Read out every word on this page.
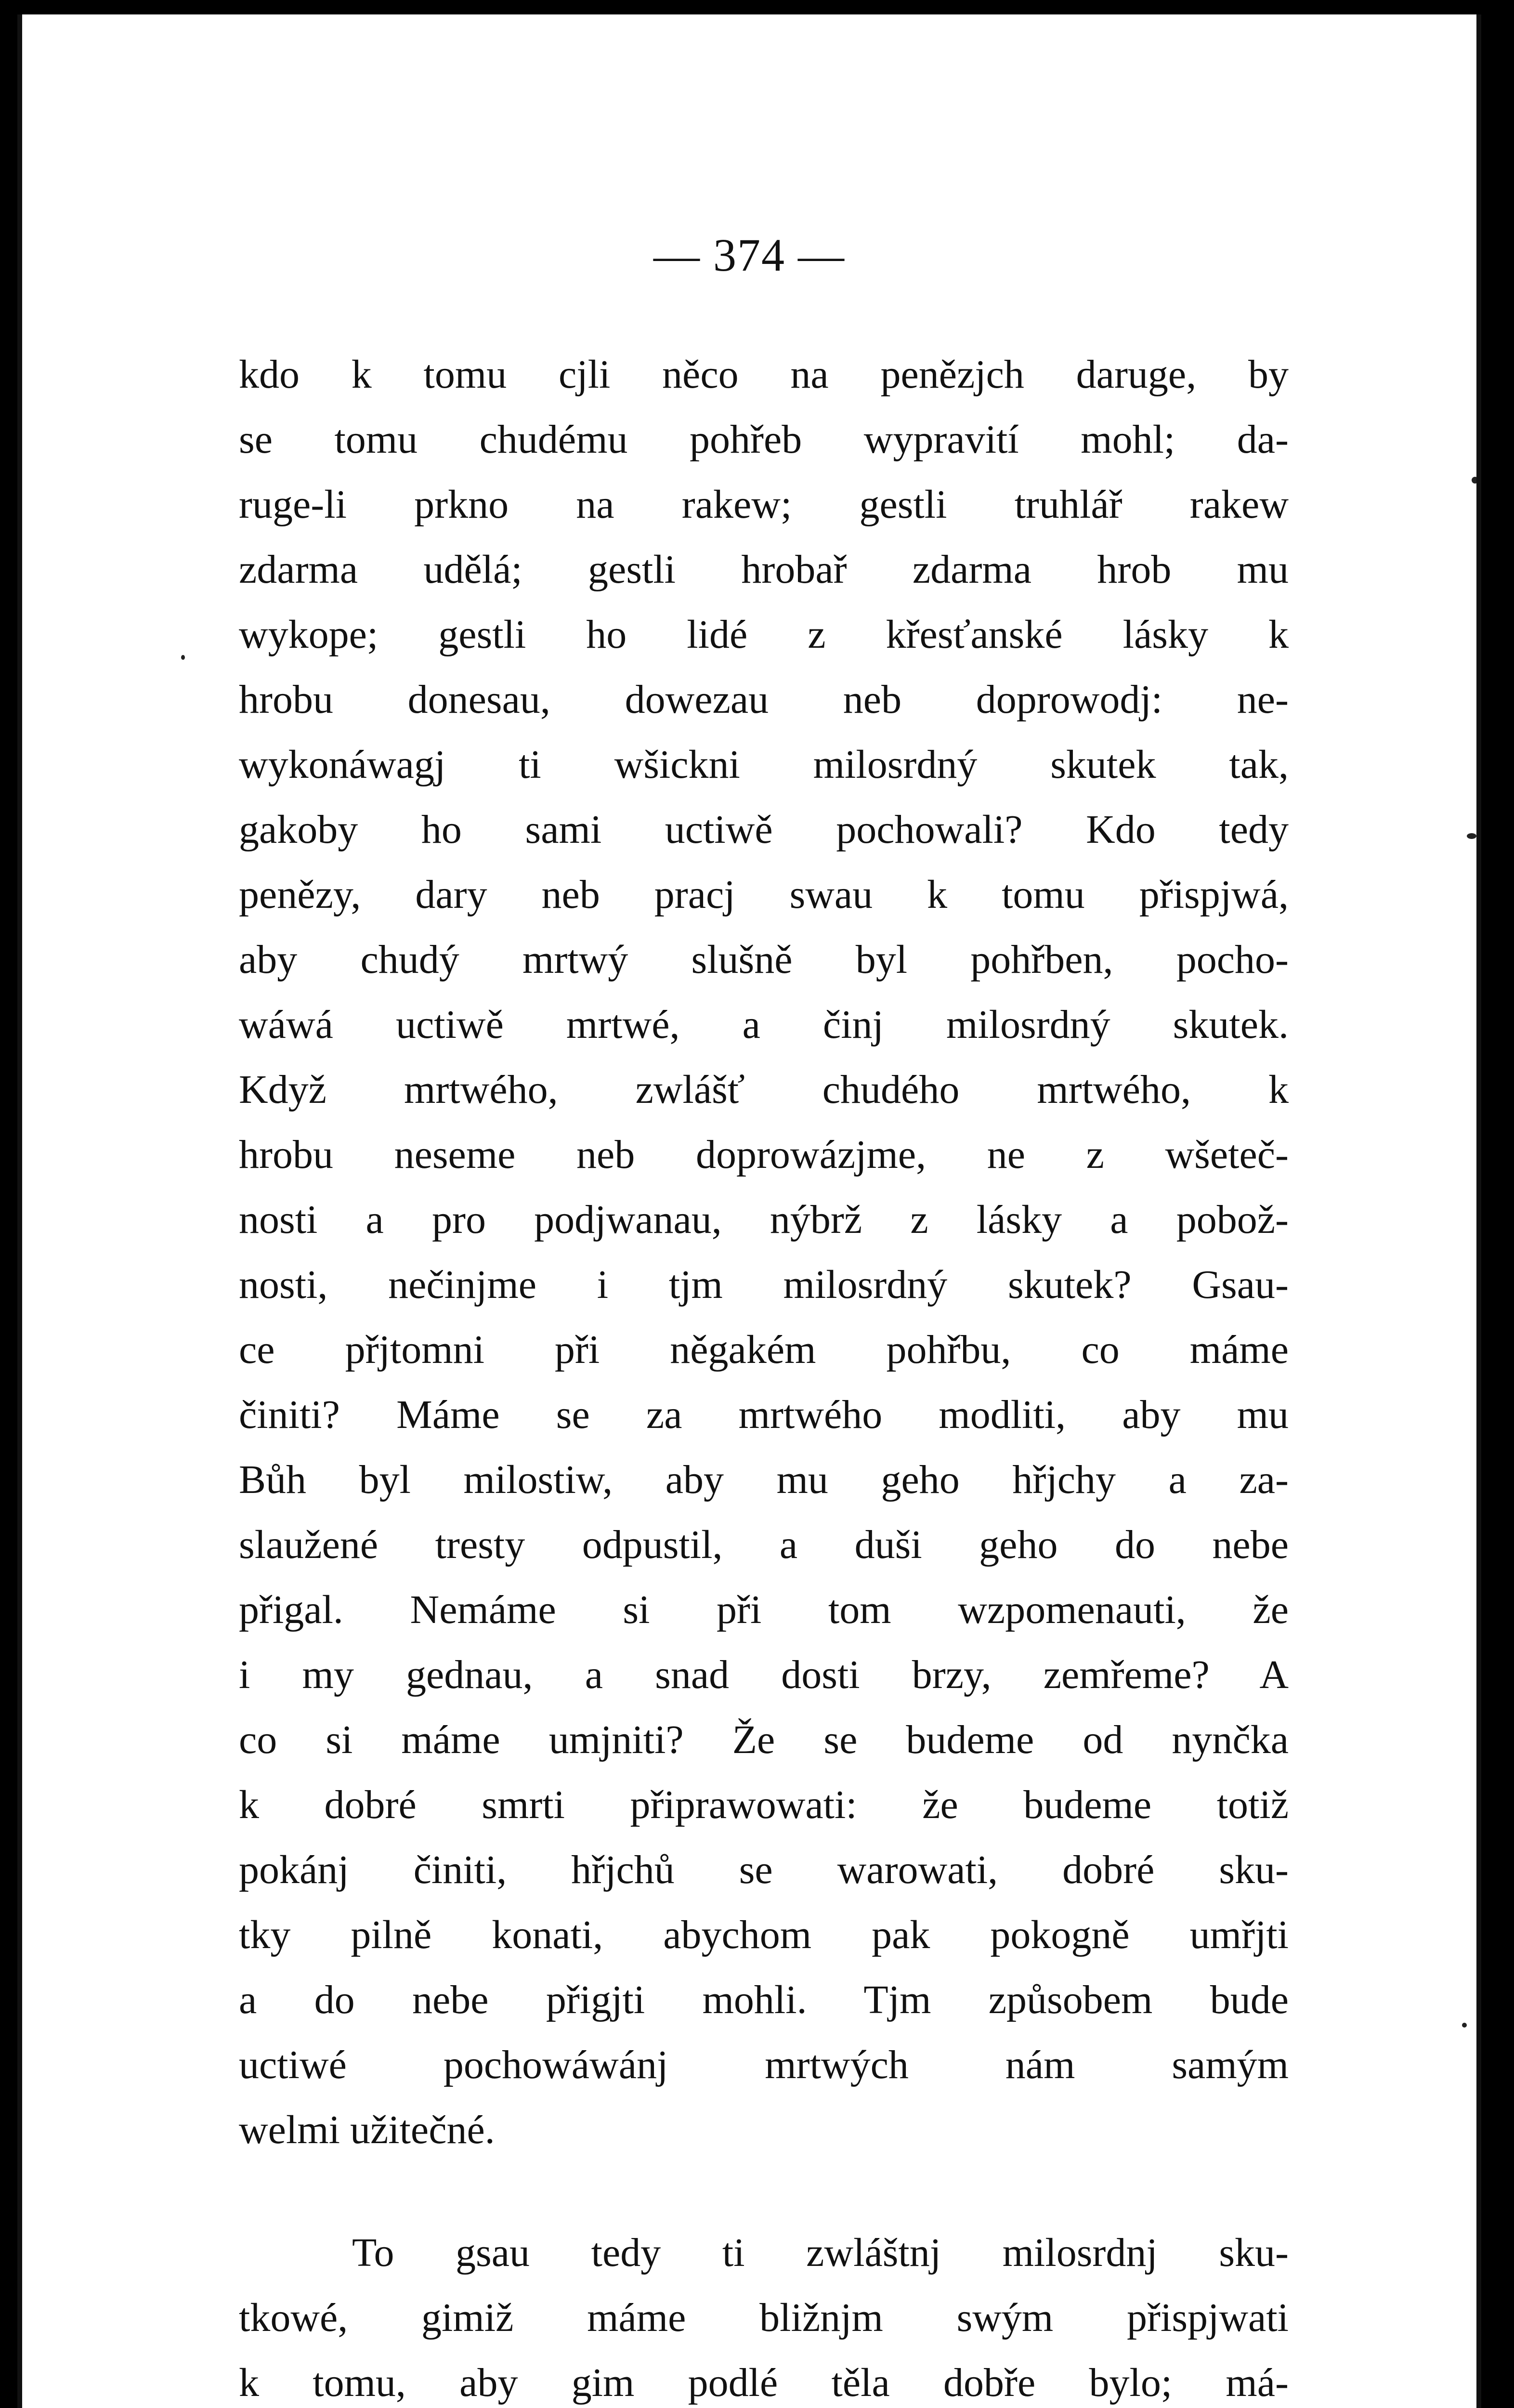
— 374 —
kdo k tomu cjli něco na penězjch daruge, by
se tomu chudému pohřeb wypravití mohl; da-
ruge-li prkno na rakew; gestli truhlář rakew
zdarma udělá; gestli hrobař zdarma hrob mu
wykope; gestli ho lidé z křesťanské lásky k
hrobu donesau, dowezau neb doprowodj: ne-
wykonáwagj ti wšickni milosrdný skutek tak,
gakoby ho sami uctiwě pochowali? Kdo tedy
penězy, dary neb pracj swau k tomu přispjwá,
aby chudý mrtwý slušně byl pohřben, pocho-
wáwá uctiwě mrtwé, a činj milosrdný skutek.
Když mrtwého, zwlášť chudého mrtwého, k
hrobu neseme neb doprowázjme, ne z wšeteč-
nosti a pro podjwanau, nýbrž z lásky a pobož-
nosti, nečinjme i tjm milosrdný skutek? Gsau-
ce přjtomni při něgakém pohřbu, co máme
činiti? Máme se za mrtwého modliti, aby mu
Bůh byl milostiw, aby mu geho hřjchy a za-
slaužené tresty odpustil, a duši geho do nebe
přigal. Nemáme si při tom wzpomenauti, že
i my gednau, a snad dosti brzy, zemřeme? A
co si máme umjniti? Že se budeme od nynčka
k dobré smrti připrawowati: že budeme totiž
pokánj činiti, hřjchů se warowati, dobré sku-
tky pilně konati, abychom pak pokogně umřjti
a do nebe přigjti mohli. Tjm způsobem bude
uctiwé pochowáwánj mrtwých nám samým
welmi užitečné.
To gsau tedy ti zwláštnj milosrdnj sku-
tkowé, gimiž máme bližnjm swým přispjwati
k tomu, aby gim podlé těla dobře bylo; má-
